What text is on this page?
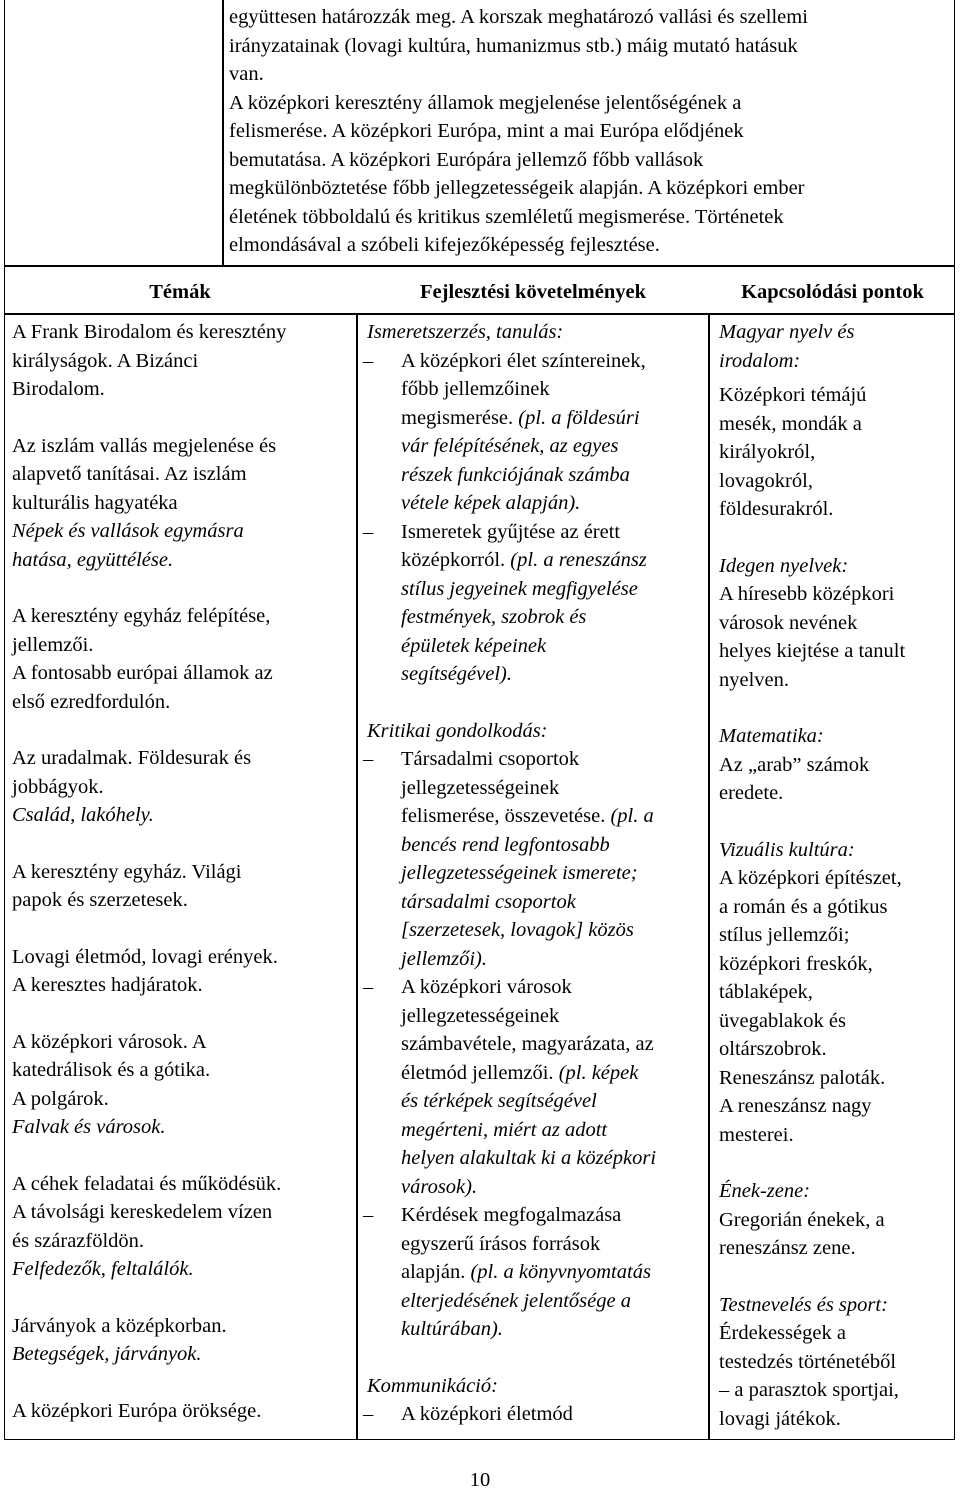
együttesen határozzák meg. A korszak meghatározó vallási és szellemi

irányzatainak (lovagi kultúra, humanizmus stb.) máig mutató hatásuk

van.

A középkori keresztény államok megjelenése jelentőségének a

felismerése. A középkori Európa, mint a mai Európa elődjének

bemutatása. A középkori Európára jellemző főbb vallások

megkülönböztetése főbb jellegzetességeik alapján. A középkori ember

életének többoldalú és kritikus szemléletű megismerése. Történetek

elmondásával a szóbeli kifejezőképesség fejlesztése.

Témák	Fejlesztési követelmények	Kapcsolódási pontok

A Frank Birodalom és keresztény

királyságok. A Bizánci

Birodalom.

Az iszlám vallás megjelenése és

alapvető tanításai. Az iszlám

kulturális hagyatéka

Népek és vallások egymásra

hatása, együttélése.

A keresztény egyház felépítése,

jellemzői.

A fontosabb európai államok az

első ezredfordulón.

Az uradalmak. Földesurak és

jobbágyok.

Család, lakóhely.

A keresztény egyház. Világi

papok és szerzetesek.

Lovagi életmód, lovagi erények.

A keresztes hadjáratok.

A középkori városok. A

katedrálisok és a gótika.

A polgárok.

Falvak és városok.

A céhek feladatai és működésük.

A távolsági kereskedelem vízen

és szárazföldön.

Felfedezők, feltalálók.

Járványok a középkorban.

Betegségek, járványok.

A középkori Európa öröksége.

Ismeretszerzés, tanulás:

– A középkori élet színtereinek,

főbb jellemzőinek

megismerése. (pl. a földesúri

vár felépítésének, az egyes

részek funkciójának számba

vétele képek alapján).

– Ismeretek gyűjtése az érett

középkorról. (pl. a reneszánsz

stílus jegyeinek megfigyelése

festmények, szobrok és

épületek képeinek

segítségével).

Kritikai gondolkodás:

– Társadalmi csoportok

jellegzetességeinek

felismerése, összevetése. (pl. a

bencés rend legfontosabb

jellegzetességeinek ismerete;

társadalmi csoportok

[szerzetesek, lovagok] közös

jellemzői).

– A középkori városok

jellegzetességeinek

számbavétele, magyarázata, az

életmód jellemzői. (pl. képek

és térképek segítségével

megérteni, miért az adott

helyen alakultak ki a középkori

városok).

– Kérdések megfogalmazása

egyszerű írásos források

alapján. (pl. a könyvnyomtatás

elterjedésének jelentősége a

kultúrában).

Kommunikáció:

– A középkori életmód

Magyar nyelv és

irodalom:

Középkori témájú

mesék, mondák a

királyokról,

lovagokról,

földesurakról.

Idegen nyelvek:

A híresebb középkori

városok nevének

helyes kiejtése a tanult

nyelven.

Matematika:

Az „arab” számok

eredete.

Vizuális kultúra:

A középkori építészet,

a román és a gótikus

stílus jellemzői;

középkori freskók,

táblaképek,

üvegablakok és

oltárszobrok.

Reneszánsz paloták.

A reneszánsz nagy

mesterei.

Ének-zene:

Gregorián énekek, a

reneszánsz zene.

Testnevelés és sport:

Érdekességek a

testedzés történetéből

– a parasztok sportjai,

lovagi játékok.

10
